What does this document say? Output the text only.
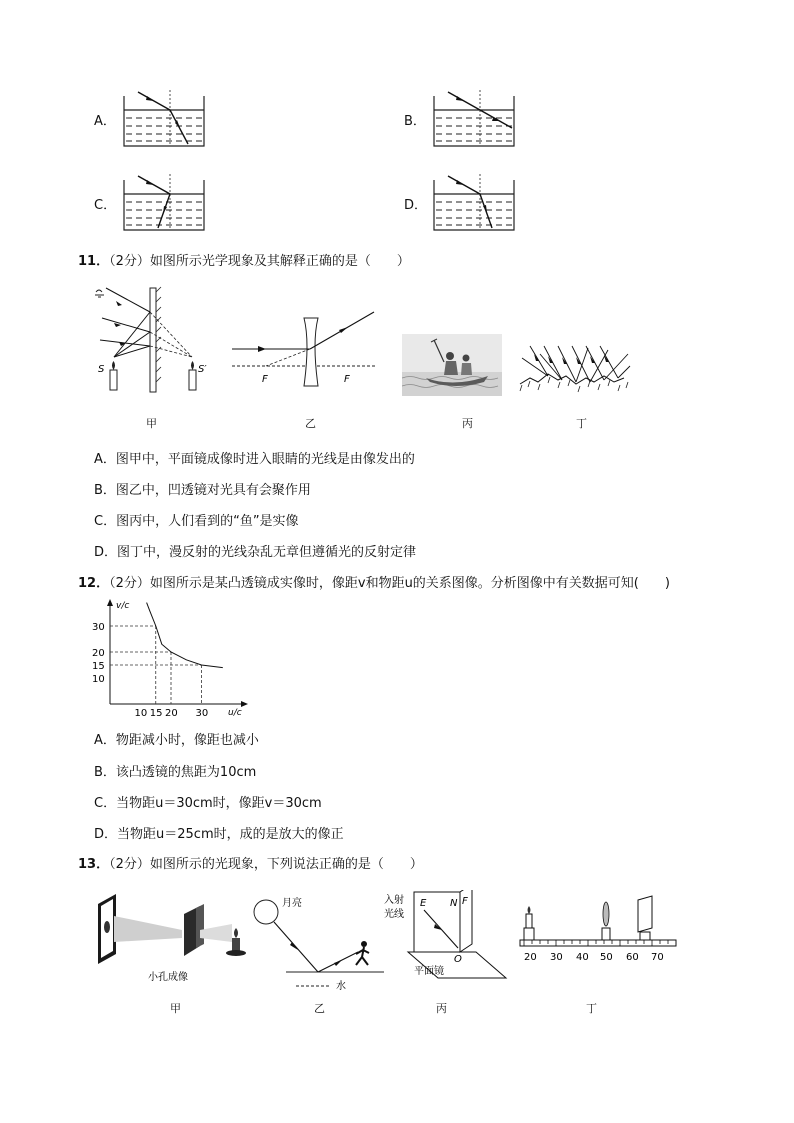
A．	B．
C．	D．
11．（2分）如图所示光学现象及其解释正确的是（　　）
S	S′
F	F
甲	乙	丙	丁
A．图甲中，平面镜成像时进入眼睛的光线是由像发出的
B．图乙中，凹透镜对光具有会聚作用
C．图丙中，人们看到的“鱼”是实像
D．图丁中，漫反射的光线杂乱无章但遵循光的反射定律
12．（2分）如图所示是某凸透镜成实像时，像距v和物距u的关系图像。分析图像中有关数据可知(　　)
v/c
u/c
10 15 20 30
30
20
15
10
A．物距减小时，像距也减小
B．该凸透镜的焦距为10cm
C．当物距u＝30cm时，像距v＝30cm
D．当物距u＝25cm时，成的是放大的像正
13．（2分）如图所示的光现象，下列说法正确的是（　　）
小孔成像
月亮
水
入射
光线
E N F
O
平面镜
20 30 40 50 60 70
甲	乙	丙	丁
